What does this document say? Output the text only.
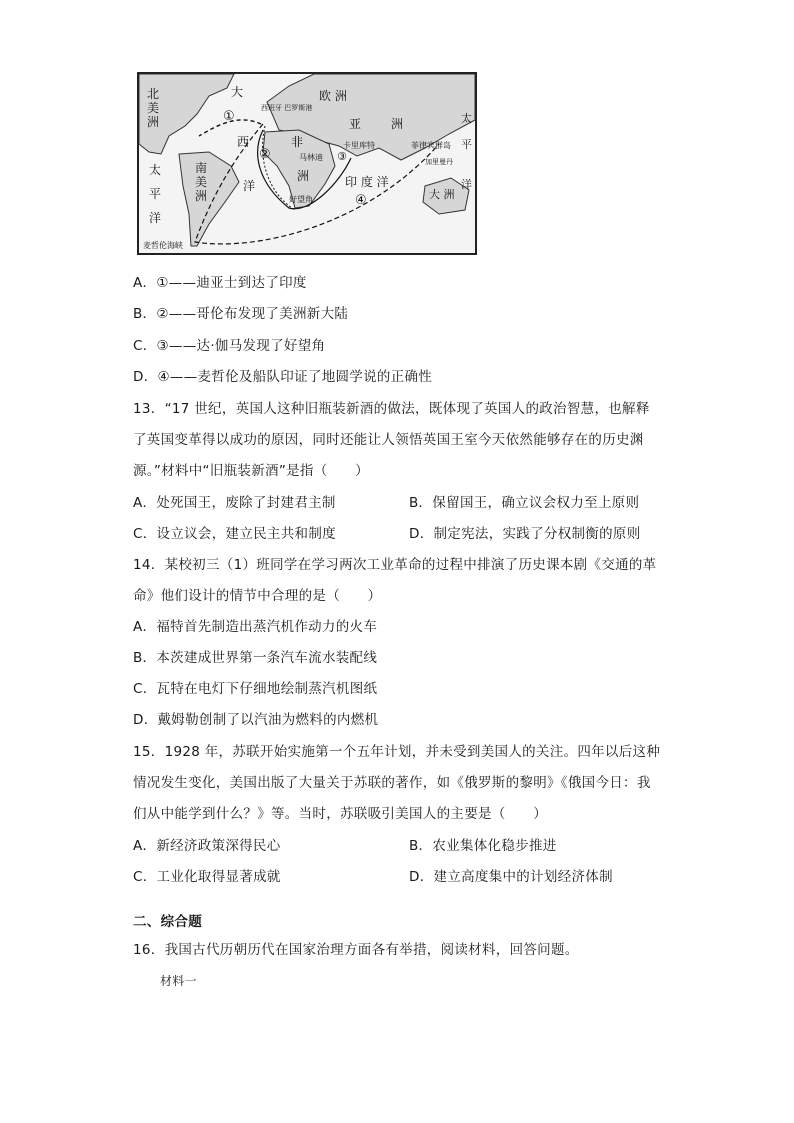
北
美
洲
大
西
洋
欧 洲
亚 洲
非
洲
南
美
洲
太
平
洋
太
平
洋
印 度 洋
大 洲
西班牙 巴罗斯港
卡里库特
马林迪
菲律宾群岛
加里曼丹
好望角
麦哲伦海峡
①
②	③
④
A．①——迪亚士到达了印度
B．②——哥伦布发现了美洲新大陆
C．③——达·伽马发现了好望角
D．④——麦哲伦及船队印证了地圆学说的正确性
13．“17 世纪，英国人这种旧瓶装新酒的做法，既体现了英国人的政治智慧，也解释
了英国变革得以成功的原因，同时还能让人领悟英国王室今天依然能够存在的历史渊
源。”材料中“旧瓶装新酒”是指（　　）
A．处死国王，废除了封建君主制	B．保留国王，确立议会权力至上原则
C．设立议会，建立民主共和制度	D．制定宪法，实践了分权制衡的原则
14．某校初三（1）班同学在学习两次工业革命的过程中排演了历史课本剧《交通的革
命》他们设计的情节中合理的是（　　）
A．福特首先制造出蒸汽机作动力的火车
B．本茨建成世界第一条汽车流水装配线
C．瓦特在电灯下仔细地绘制蒸汽机图纸
D．戴姆勒创制了以汽油为燃料的内燃机
15．1928 年，苏联开始实施第一个五年计划，并未受到美国人的关注。四年以后这种
情况发生变化，美国出版了大量关于苏联的著作，如《俄罗斯的黎明》《俄国今日：我
们从中能学到什么？》等。当时，苏联吸引美国人的主要是（　　）
A．新经济政策深得民心	B．农业集体化稳步推进
C．工业化取得显著成就	D．建立高度集中的计划经济体制
二、综合题
16．我国古代历朝历代在国家治理方面各有举措，阅读材料，回答问题。
材料一
